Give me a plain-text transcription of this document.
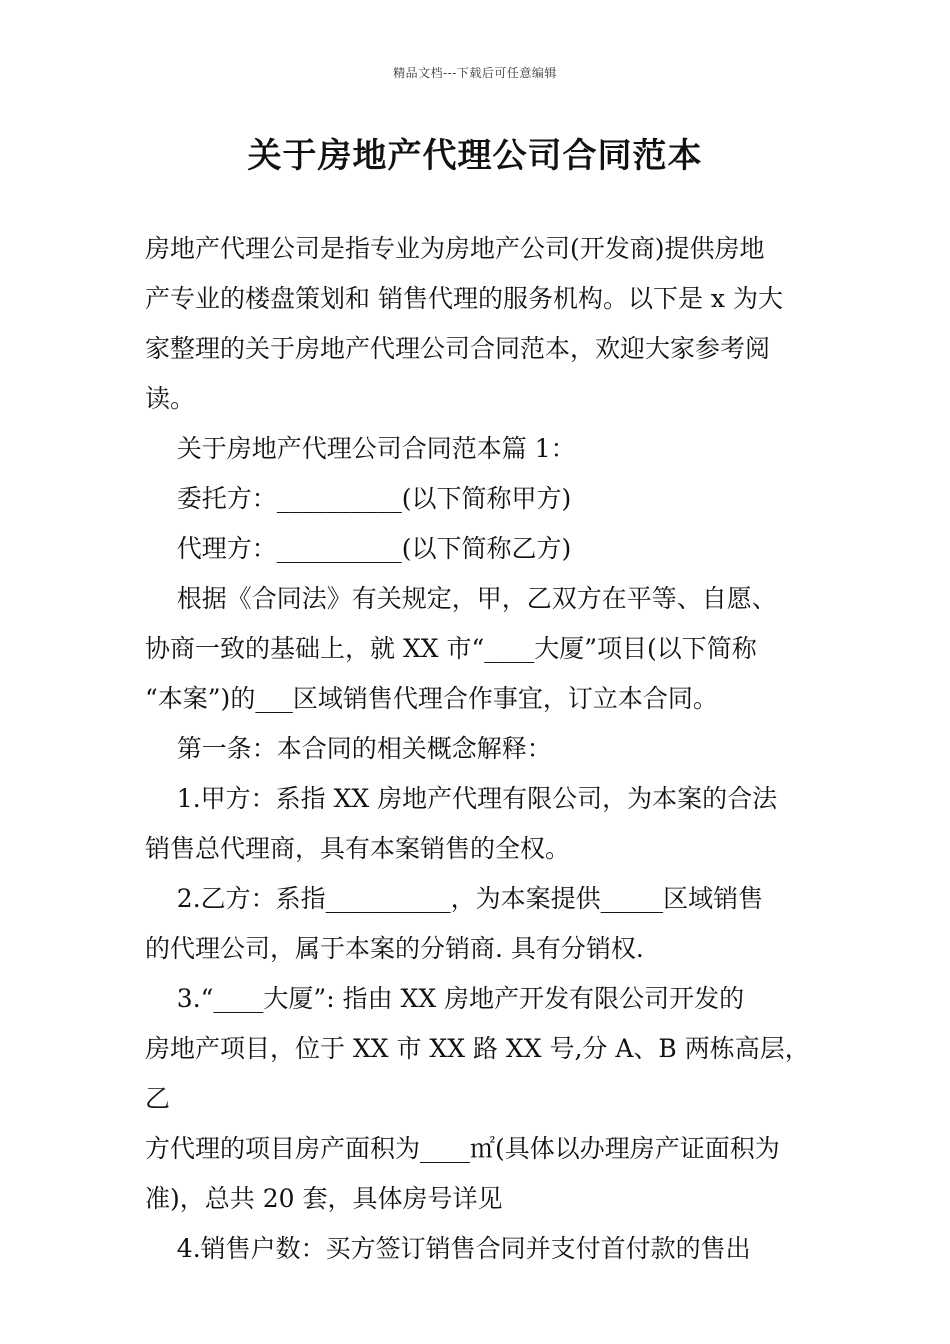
精品文档---下载后可任意编辑
关于房地产代理公司合同范本

房地产代理公司是指专业为房地产公司(开发商)提供房地

产专业的楼盘策划和 销售代理的服务机构。以下是 x 为大

家整理的关于房地产代理公司合同范本，欢迎大家参考阅

读。

关于房地产代理公司合同范本篇 1：

委托方：__________(以下简称甲方)

代理方：__________(以下简称乙方)

根据《合同法》有关规定，甲，乙双方在平等、自愿、

协商一致的基础上，就 XX 市“____大厦”项目(以下简称

“本案”)的___区域销售代理合作事宜，订立本合同。

第一条：本合同的相关概念解释：

1.甲方：系指 XX 房地产代理有限公司，为本案的合法

销售总代理商，具有本案销售的全权。

2.乙方：系指__________，为本案提供_____区域销售

的代理公司，属于本案的分销商. 具有分销权.

3.“____大厦”: 指由 XX 房地产开发有限公司开发的

房地产项目，位于 XX 市 XX 路 XX 号,分 A、B 两栋高层， 乙

方代理的项目房产面积为____㎡(具体以办理房产证面积为

准)，总共 20 套，具体房号详见

4.销售户数：买方签订销售合同并支付首付款的售出
